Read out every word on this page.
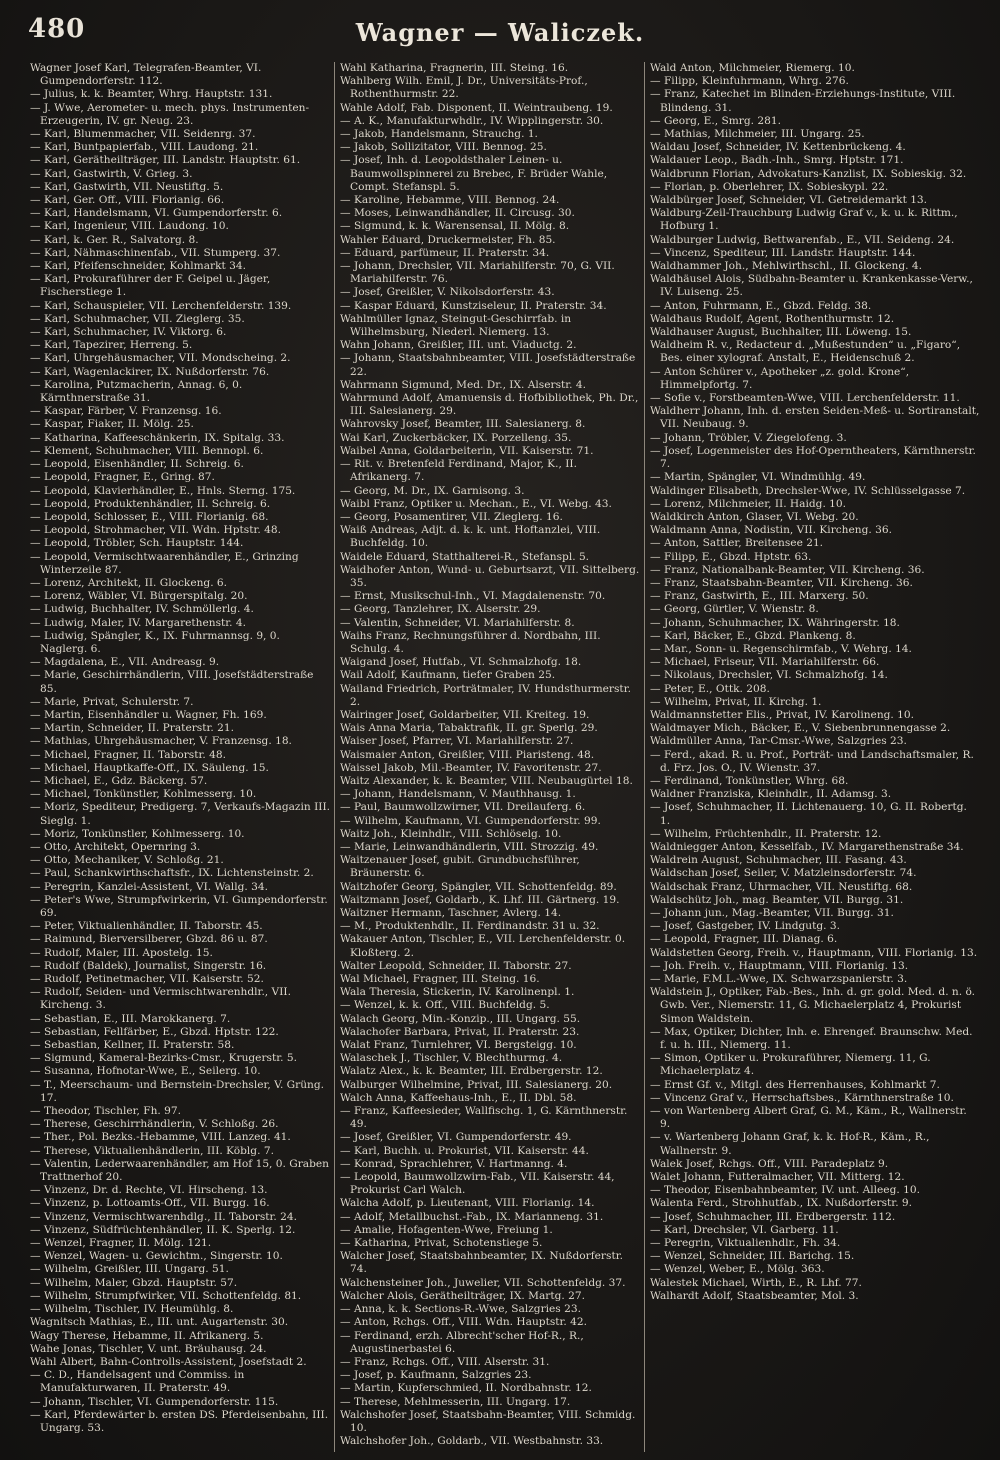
480	Wagner — Waliczek.
Wagner Josef Karl, Telegrafen-Beamter, VI. Gumpendorferstr. 112.
— Julius, k. k. Beamter, Whrg. Hauptstr. 131.
— J. Wwe, Aerometer- u. mech. phys. Instrumenten-Erzeugerin, IV. gr. Neug. 23.
— Karl, Blumenmacher, VII. Seidenrg. 37.
— Karl, Buntpapierfab., VIII. Laudong. 21.
— Karl, Gerätheilträger, III. Landstr. Hauptstr. 61.
— Karl, Gastwirth, V. Grieg. 3.
— Karl, Gastwirth, VII. Neustiftg. 5.
— Karl, Ger. Off., VIII. Florianig. 66.
— Karl, Handelsmann, VI. Gumpendorferstr. 6.
— Karl, Ingenieur, VIII. Laudong. 10.
— Karl, k. Ger. R., Salvatorg. 8.
— Karl, Nähmaschinenfab., VII. Stumperg. 37.
— Karl, Pfeifenschneider, Kohlmarkt 34.
— Karl, Prokuraführer der F. Geipel u. Jäger, Fischerstiege 1.
— Karl, Schauspieler, VII. Lerchenfelderstr. 139.
— Karl, Schuhmacher, VII. Zieglerg. 35.
— Karl, Schuhmacher, IV. Viktorg. 6.
— Karl, Tapezirer, Herreng. 5.
— Karl, Uhrgehäusmacher, VII. Mondscheing. 2.
— Karl, Wagenlackirer, IX. Nußdorferstr. 76.
— Karolina, Putzmacherin, Annag. 6, 0. Kärnthnerstraße 31.
— Kaspar, Färber, V. Franzensg. 16.
— Kaspar, Fiaker, II. Mölg. 25.
— Katharina, Kaffeeschänkerin, IX. Spitalg. 33.
— Klement, Schuhmacher, VIII. Bennopl. 6.
— Leopold, Eisenhändler, II. Schreig. 6.
— Leopold, Fragner, E., Gring. 87.
— Leopold, Klavierhändler, E., Hnls. Sterng. 175.
— Leopold, Produktenhändler, II. Schreig. 6.
— Leopold, Schlosser, E., VIII. Florianig. 68.
— Leopold, Strohmacher, VII. Wdn. Hptstr. 48.
— Leopold, Tröbler, Sch. Hauptstr. 144.
— Leopold, Vermischtwaarenhändler, E., Grinzing Winterzeile 87.
— Lorenz, Architekt, II. Glockeng. 6.
— Lorenz, Wäbler, VI. Bürgerspitalg. 20.
— Ludwig, Buchhalter, IV. Schmöllerlg. 4.
— Ludwig, Maler, IV. Margarethenstr. 4.
— Ludwig, Spängler, K., IX. Fuhrmannsg. 9, 0. Naglerg. 6.
— Magdalena, E., VII. Andreasg. 9.
— Marie, Geschirrhändlerin, VIII. Josefstädterstraße 85.
— Marie, Privat, Schulerstr. 7.
— Martin, Eisenhändler u. Wagner, Fh. 169.
— Martin, Schneider, II. Praterstr. 21.
— Mathias, Uhrgehäusmacher, V. Franzensg. 18.
— Michael, Fragner, II. Taborstr. 48.
— Michael, Hauptkaffe-Off., IX. Säuleng. 15.
— Michael, E., Gdz. Bäckerg. 57.
— Michael, Tonkünstler, Kohlmesserg. 10.
— Moriz, Spediteur, Predigerg. 7, Verkaufs-Magazin III. Sieglg. 1.
— Moriz, Tonkünstler, Kohlmesserg. 10.
— Otto, Architekt, Opernring 3.
— Otto, Mechaniker, V. Schloßg. 21.
— Paul, Schankwirthschaftsfr., IX. Lichtensteinstr. 2.
— Peregrin, Kanzlei-Assistent, VI. Wallg. 34.
— Peter's Wwe, Strumpfwirkerin, VI. Gumpendorferstr. 69.
— Peter, Viktualienhändler, II. Taborstr. 45.
— Raimund, Bierversilberer, Gbzd. 86 u. 87.
— Rudolf, Maler, III. Apostelg. 15.
— Rudolf (Baldek), Journalist, Singerstr. 16.
— Rudolf, Petinetmacher, VII. Kaiserstr. 52.
— Rudolf, Seiden- und Vermischtwarenhdlr., VII. Kircheng. 3.
— Sebastian, E., III. Marokkanerg. 7.
— Sebastian, Fellfärber, E., Gbzd. Hptstr. 122.
— Sebastian, Kellner, II. Praterstr. 58.
— Sigmund, Kameral-Bezirks-Cmsr., Krugerstr. 5.
— Susanna, Hofnotar-Wwe, E., Seilerg. 10.
— T., Meerschaum- und Bernstein-Drechsler, V. Grüng. 17.
— Theodor, Tischler, Fh. 97.
— Therese, Geschirrhändlerin, V. Schloßg. 26.
— Ther., Pol. Bezks.-Hebamme, VIII. Lanzeg. 41.
— Therese, Viktualienhändlerin, III. Köblg. 7.
— Valentin, Lederwaarenhändler, am Hof 15, 0. Graben Trattnerhof 20.
— Vinzenz, Dr. d. Rechte, VI. Hirscheng. 13.
— Vinzenz, p. Lottoamts-Off., VII. Burgg. 16.
— Vinzenz, Vermischtwarenhdlg., II. Taborstr. 24.
— Vinzenz, Südfrüchtenhändler, II. K. Sperlg. 12.
— Wenzel, Fragner, II. Mölg. 121.
— Wenzel, Wagen- u. Gewichtm., Singerstr. 10.
— Wilhelm, Greißler, III. Ungarg. 51.
— Wilhelm, Maler, Gbzd. Hauptstr. 57.
— Wilhelm, Strumpfwirker, VII. Schottenfeldg. 81.
— Wilhelm, Tischler, IV. Heumühlg. 8.
Wagnitsch Mathias, E., III. unt. Augartenstr. 30.
Wagy Therese, Hebamme, II. Afrikanerg. 5.
Wahe Jonas, Tischler, V. unt. Bräuhausg. 24.
Wahl Albert, Bahn-Controlls-Assistent, Josefstadt 2.
— C. D., Handelsagent und Commiss. in Manufakturwaren, II. Praterstr. 49.
— Johann, Tischler, VI. Gumpendorferstr. 115.
— Karl, Pferdewärter b. ersten DS. Pferdeisenbahn, III. Ungarg. 53.
Wahl Katharina, Fragnerin, III. Steing. 16.
Wahlberg Wilh. Emil, J. Dr., Universitäts-Prof., Rothenthurmstr. 22.
Wahle Adolf, Fab. Disponent, II. Weintraubeng. 19.
— A. K., Manufakturwhdlr., IV. Wipplingerstr. 30.
— Jakob, Handelsmann, Strauchg. 1.
— Jakob, Sollizitator, VIII. Bennog. 25.
— Josef, Inh. d. Leopoldsthaler Leinen- u. Baumwollspinnerei zu Brebec, F. Brüder Wahle, Compt. Stefanspl. 5.
— Karoline, Hebamme, VIII. Bennog. 24.
— Moses, Leinwandhändler, II. Circusg. 30.
— Sigmund, k. k. Warensensal, II. Mölg. 8.
Wahler Eduard, Druckermeister, Fh. 85.
— Eduard, parfümeur, II. Praterstr. 34.
— Johann, Drechsler, VII. Mariahilferstr. 70, G. VII. Mariahilferstr. 76.
— Josef, Greißler, V. Nikolsdorferstr. 43.
— Kaspar Eduard, Kunstziseleur, II. Praterstr. 34.
Wahlmüller Ignaz, Steingut-Geschirrfab. in Wilhelmsburg, Niederl. Niemerg. 13.
Wahn Johann, Greißler, III. unt. Viaductg. 2.
— Johann, Staatsbahnbeamter, VIII. Josefstädterstraße 22.
Wahrmann Sigmund, Med. Dr., IX. Alserstr. 4.
Wahrmund Adolf, Amanuensis d. Hofbibliothek, Ph. Dr., III. Salesianerg. 29.
Wahrovsky Josef, Beamter, III. Salesianerg. 8.
Wai Karl, Zuckerbäcker, IX. Porzelleng. 35.
Waibel Anna, Goldarbeiterin, VII. Kaiserstr. 71.
— Rit. v. Bretenfeld Ferdinand, Major, K., II. Afrikanerg. 7.
— Georg, M. Dr., IX. Garnisong. 3.
Waibl Franz, Optiker u. Mechan., E., VI. Webg. 43.
— Georg, Posamentirer, VII. Zieglerg. 16.
Waiß Andreas, Adjt. d. k. k. unt. Hoftanzlei, VIII. Buchfeldg. 10.
Waidele Eduard, Statthalterei-R., Stefanspl. 5.
Waidhofer Anton, Wund- u. Geburtsarzt, VII. Sittelberg. 35.
— Ernst, Musikschul-Inh., VI. Magdalenenstr. 70.
— Georg, Tanzlehrer, IX. Alserstr. 29.
— Valentin, Schneider, VI. Mariahilferstr. 8.
Waihs Franz, Rechnungsführer d. Nordbahn, III. Schulg. 4.
Waigand Josef, Hutfab., VI. Schmalzhofg. 18.
Wail Adolf, Kaufmann, tiefer Graben 25.
Wailand Friedrich, Porträtmaler, IV. Hundsthurmerstr. 2.
Wairinger Josef, Goldarbeiter, VII. Kreiteg. 19.
Wais Anna Maria, Tabaktrafik, II. gr. Sperlg. 29.
Waiser Josef, Pfarrer, VI. Mariahilferstr. 27.
Waismaier Anton, Greißler, VIII. Piaristeng. 48.
Waissel Jakob, Mil.-Beamter, IV. Favoritenstr. 27.
Waitz Alexander, k. k. Beamter, VIII. Neubaugürtel 18.
— Johann, Handelsmann, V. Mauthhausg. 1.
— Paul, Baumwollzwirner, VII. Dreilauferg. 6.
— Wilhelm, Kaufmann, VI. Gumpendorferstr. 99.
Waitz Joh., Kleinhdlr., VIII. Schlöselg. 10.
— Marie, Leinwandhändlerin, VIII. Strozzig. 49.
Waitzenauer Josef, gubit. Grundbuchsführer, Bräunerstr. 6.
Waitzhofer Georg, Spängler, VII. Schottenfeldg. 89.
Waitzmann Josef, Goldarb., K. Lhf. III. Gärtnerg. 19.
Waitzner Hermann, Taschner, Avlerg. 14.
— M., Produktenhdlr., II. Ferdinandstr. 31 u. 32.
Wakauer Anton, Tischler, E., VII. Lerchenfelderstr. 0. Kloßterg. 2.
Walter Leopold, Schneider, II. Taborstr. 27.
Wal Michael, Fragner, III. Steing. 16.
Wala Theresia, Stickerin, IV. Karolinenpl. 1.
— Wenzel, k. k. Off., VIII. Buchfeldg. 5.
Walach Georg, Min.-Konzip., III. Ungarg. 55.
Walachofer Barbara, Privat, II. Praterstr. 23.
Walat Franz, Turnlehrer, VI. Bergsteigg. 10.
Walaschek J., Tischler, V. Blechthurmg. 4.
Walatz Alex., k. k. Beamter, III. Erdbergerstr. 12.
Walburger Wilhelmine, Privat, III. Salesianerg. 20.
Walch Anna, Kaffeehaus-Inh., E., II. Dbl. 58.
— Franz, Kaffeesieder, Wallfischg. 1, G. Kärnthnerstr. 49.
— Josef, Greißler, VI. Gumpendorferstr. 49.
— Karl, Buchh. u. Prokurist, VII. Kaiserstr. 44.
— Konrad, Sprachlehrer, V. Hartmanng. 4.
— Leopold, Baumwollzwirn-Fab., VII. Kaiserstr. 44, Prokurist Carl Walch.
Walcha Adolf, p. Lieutenant, VIII. Florianig. 14.
— Adolf, Metallbuchst.-Fab., IX. Marianneng. 31.
— Amalie, Hofagenten-Wwe, Freiung 1.
— Katharina, Privat, Schotenstiege 5.
Walcher Josef, Staatsbahnbeamter, IX. Nußdorferstr. 74.
Walchensteiner Joh., Juwelier, VII. Schottenfeldg. 37.
Walcher Alois, Gerätheilträger, IX. Martg. 27.
— Anna, k. k. Sections-R.-Wwe, Salzgries 23.
— Anton, Rchgs. Off., VIII. Wdn. Hauptstr. 42.
— Ferdinand, erzh. Albrecht'scher Hof-R., R., Augustinerbastei 6.
— Franz, Rchgs. Off., VIII. Alserstr. 31.
— Josef, p. Kaufmann, Salzgries 23.
— Martin, Kupferschmied, II. Nordbahnstr. 12.
— Therese, Mehlmesserin, III. Ungarg. 17.
Walchshofer Josef, Staatsbahn-Beamter, VIII. Schmidg. 10.
Walchshofer Joh., Goldarb., VII. Westbahnstr. 33.
Wald Anton, Milchmeier, Riemerg. 10.
— Filipp, Kleinfuhrmann, Whrg. 276.
— Franz, Katechet im Blinden-Erziehungs-Institute, VIII. Blindeng. 31.
— Georg, E., Smrg. 281.
— Mathias, Milchmeier, III. Ungarg. 25.
Waldau Josef, Schneider, IV. Kettenbrückeng. 4.
Waldauer Leop., Badh.-Inh., Smrg. Hptstr. 171.
Waldbrunn Florian, Advokaturs-Kanzlist, IX. Sobieskig. 32.
— Florian, p. Oberlehrer, IX. Sobieskypl. 22.
Waldbürger Josef, Schneider, VI. Getreidemarkt 13.
Waldburg-Zeil-Trauchburg Ludwig Graf v., k. u. k. Rittm., Hofburg 1.
Waldburger Ludwig, Bettwarenfab., E., VII. Seideng. 24.
— Vincenz, Spediteur, III. Landstr. Hauptstr. 144.
Waldhammer Joh., Mehlwirthschl., II. Glockeng. 4.
Waldhäusel Alois, Südbahn-Beamter u. Krankenkasse-Verw., IV. Luiseng. 25.
— Anton, Fuhrmann, E., Gbzd. Feldg. 38.
Waldhaus Rudolf, Agent, Rothenthurmstr. 12.
Waldhauser August, Buchhalter, III. Löweng. 15.
Waldheim R. v., Redacteur d. „Mußestunden“ u. „Figaro“, Bes. einer xylograf. Anstalt, E., Heidenschuß 2.
— Anton Schürer v., Apotheker „z. gold. Krone“, Himmelpfortg. 7.
— Sofie v., Forstbeamten-Wwe, VIII. Lerchenfelderstr. 11.
Waldherr Johann, Inh. d. ersten Seiden-Meß- u. Sortiranstalt, VII. Neubaug. 9.
— Johann, Tröbler, V. Ziegelofeng. 3.
— Josef, Logenmeister des Hof-Operntheaters, Kärnthnerstr. 7.
— Martin, Spängler, VI. Windmühlg. 49.
Waldinger Elisabeth, Drechsler-Wwe, IV. Schlüsselgasse 7.
— Lorenz, Milchmeier, II. Haidg. 10.
Waldkirch Anton, Glaser, VI. Webg. 20.
Waldmann Anna, Nodistin, VII. Kircheng. 36.
— Anton, Sattler, Breitensee 21.
— Filipp, E., Gbzd. Hptstr. 63.
— Franz, Nationalbank-Beamter, VII. Kircheng. 36.
— Franz, Staatsbahn-Beamter, VII. Kircheng. 36.
— Franz, Gastwirth, E., III. Marxerg. 50.
— Georg, Gürtler, V. Wienstr. 8.
— Johann, Schuhmacher, IX. Währingerstr. 18.
— Karl, Bäcker, E., Gbzd. Plankeng. 8.
— Mar., Sonn- u. Regenschirmfab., V. Wehrg. 14.
— Michael, Friseur, VII. Mariahilferstr. 66.
— Nikolaus, Drechsler, VI. Schmalzhofg. 14.
— Peter, E., Ottk. 208.
— Wilhelm, Privat, II. Kirchg. 1.
Waldmannstetter Elis., Privat, IV. Karolineng. 10.
Waldmayer Mich., Bäcker, E., V. Siebenbrunnengasse 2.
Waldmüller Anna, Tar-Cmsr.-Wwe, Salzgries 23.
— Ferd., akad. R. u. Prof., Porträt- und Landschaftsmaler, R. d. Frz. Jos. O., IV. Wienstr. 37.
— Ferdinand, Tonkünstler, Whrg. 68.
Waldner Franziska, Kleinhdlr., II. Adamsg. 3.
— Josef, Schuhmacher, II. Lichtenauerg. 10, G. II. Robertg. 1.
— Wilhelm, Früchtenhdlr., II. Praterstr. 12.
Waldniegger Anton, Kesselfab., IV. Margarethenstraße 34.
Waldrein August, Schuhmacher, III. Fasang. 43.
Waldschan Josef, Seiler, V. Matzleinsdorferstr. 74.
Waldschak Franz, Uhrmacher, VII. Neustiftg. 68.
Waldschütz Joh., mag. Beamter, VII. Burgg. 31.
— Johann jun., Mag.-Beamter, VII. Burgg. 31.
— Josef, Gastgeber, IV. Lindgutg. 3.
— Leopold, Fragner, III. Dianag. 6.
Waldstetten Georg, Freih. v., Hauptmann, VIII. Florianig. 13.
— Joh. Freih. v., Hauptmann, VIII. Florianig. 13.
— Marie, F.M.L.-Wwe, IX. Schwarzspanierstr. 3.
Waldstein J., Optiker, Fab.-Bes., Inh. d. gr. gold. Med. d. n. ö. Gwb. Ver., Niemerstr. 11, G. Michaelerplatz 4, Prokurist Simon Waldstein.
— Max, Optiker, Dichter, Inh. e. Ehrengef. Braunschw. Med. f. u. h. III., Niemerg. 11.
— Simon, Optiker u. Prokuraführer, Niemerg. 11, G. Michaelerplatz 4.
— Ernst Gf. v., Mitgl. des Herrenhauses, Kohlmarkt 7.
— Vincenz Graf v., Herrschaftsbes., Kärnthnerstraße 10.
— von Wartenberg Albert Graf, G. M., Käm., R., Wallnerstr. 9.
— v. Wartenberg Johann Graf, k. k. Hof-R., Käm., R., Wallnerstr. 9.
Walek Josef, Rchgs. Off., VIII. Paradeplatz 9.
Walet Johann, Futteralmacher, VII. Mitterg. 12.
— Theodor, Eisenbahnbeamter, IV. unt. Alleeg. 10.
Walenta Ferd., Strohhutfab., IX. Nußdorferstr. 9.
— Josef, Schuhmacher, III. Erdbergerstr. 112.
— Karl, Drechsler, VI. Garberg. 11.
— Peregrin, Viktualienhdlr., Fh. 34.
— Wenzel, Schneider, III. Barichg. 15.
— Wenzel, Weber, E., Mölg. 363.
Walestek Michael, Wirth, E., R. Lhf. 77.
Walhardt Adolf, Staatsbeamter, Mol. 3.
